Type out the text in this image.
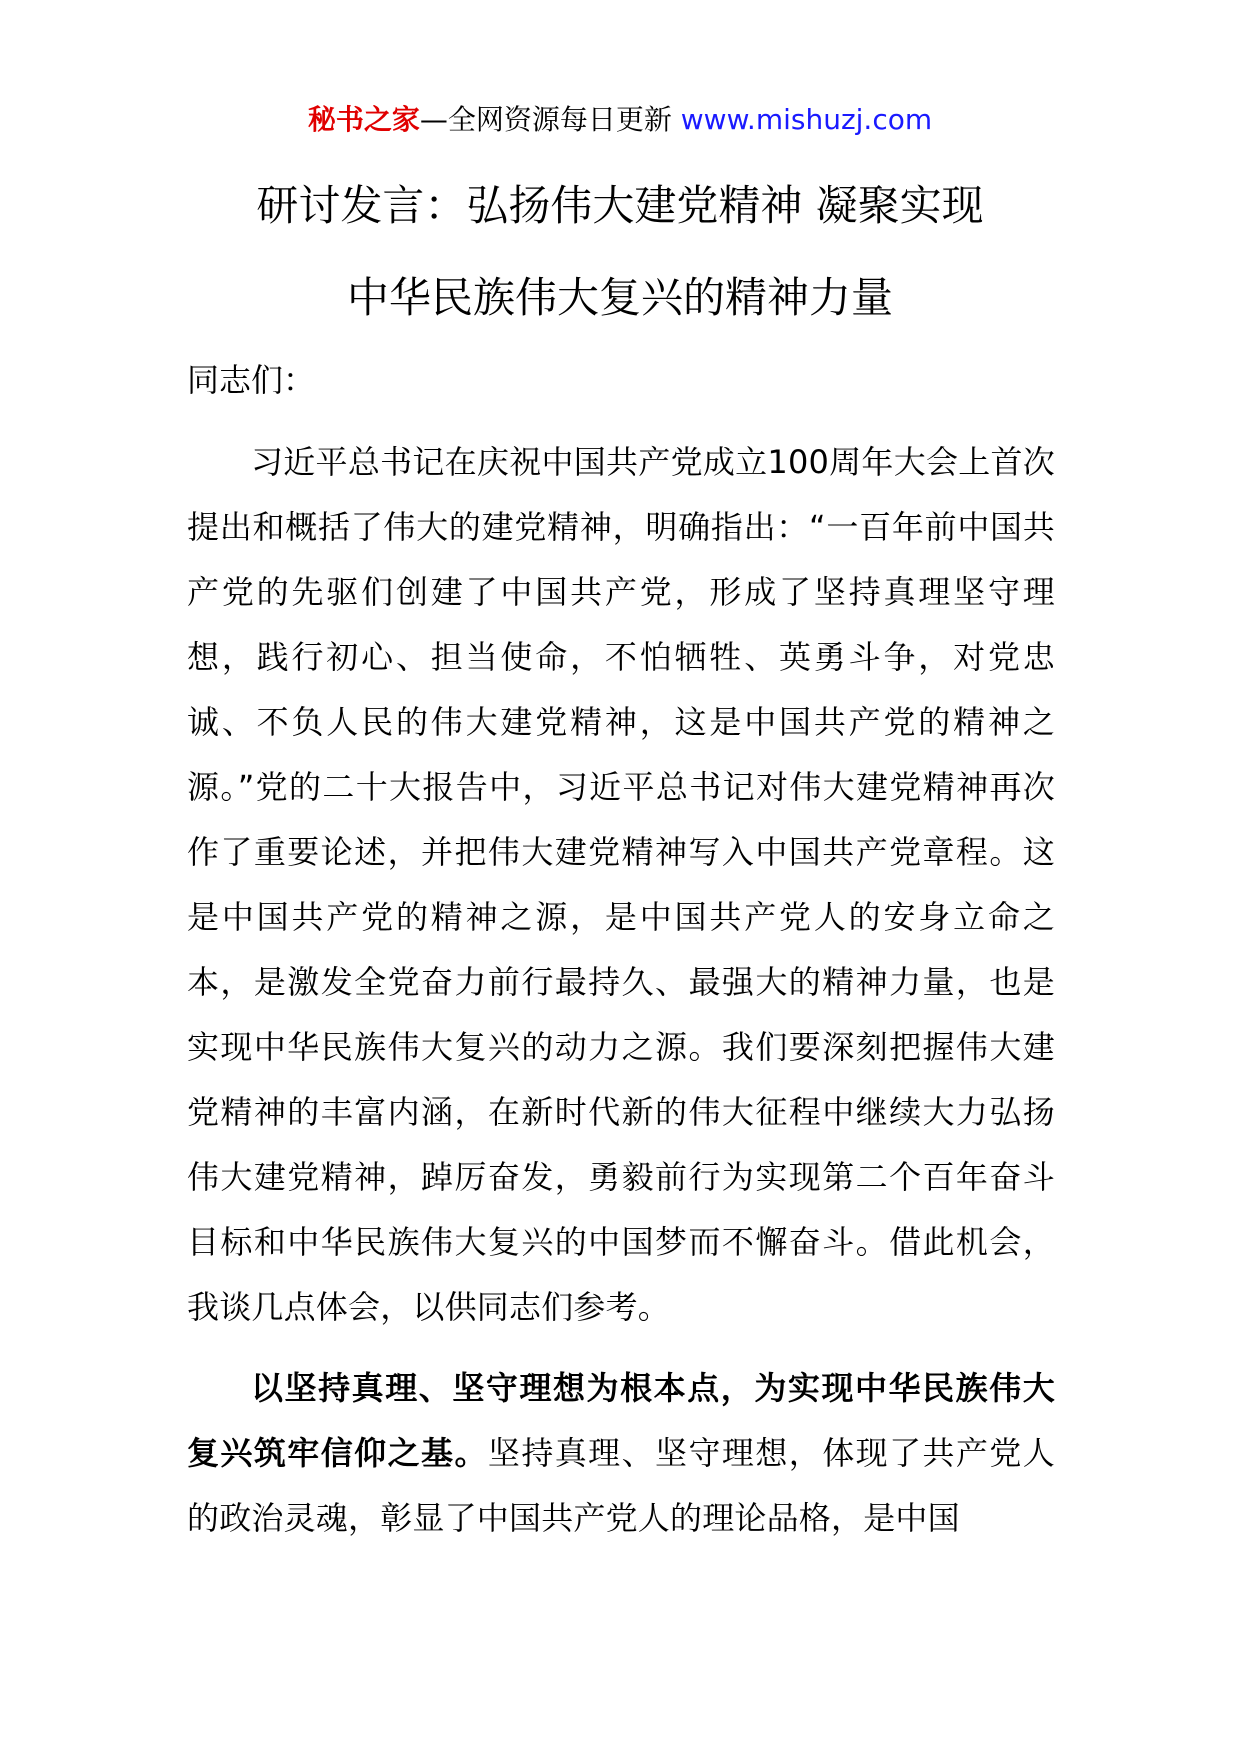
秘书之家—全网资源每日更新 www.mishuzj.com
研讨发言：弘扬伟大建党精神 凝聚实现
中华民族伟大复兴的精神力量
同志们：

习近平总书记在庆祝中国共产党成立100周年大会上首次提出和概括了伟大的建党精神，明确指出：“一百年前中国共产党的先驱们创建了中国共产党，形成了坚持真理坚守理想，践行初心、担当使命，不怕牺牲、英勇斗争，对党忠诚、不负人民的伟大建党精神，这是中国共产党的精神之源。”党的二十大报告中，习近平总书记对伟大建党精神再次作了重要论述，并把伟大建党精神写入中国共产党章程。这是中国共产党的精神之源，是中国共产党人的安身立命之本，是激发全党奋力前行最持久、最强大的精神力量，也是实现中华民族伟大复兴的动力之源。我们要深刻把握伟大建党精神的丰富内涵，在新时代新的伟大征程中继续大力弘扬伟大建党精神，踔厉奋发，勇毅前行为实现第二个百年奋斗目标和中华民族伟大复兴的中国梦而不懈奋斗。借此机会，我谈几点体会，以供同志们参考。

以坚持真理、坚守理想为根本点，为实现中华民族伟大复兴筑牢信仰之基。坚持真理、坚守理想，体现了共产党人的政治灵魂，彰显了中国共产党人的理论品格，是中国
